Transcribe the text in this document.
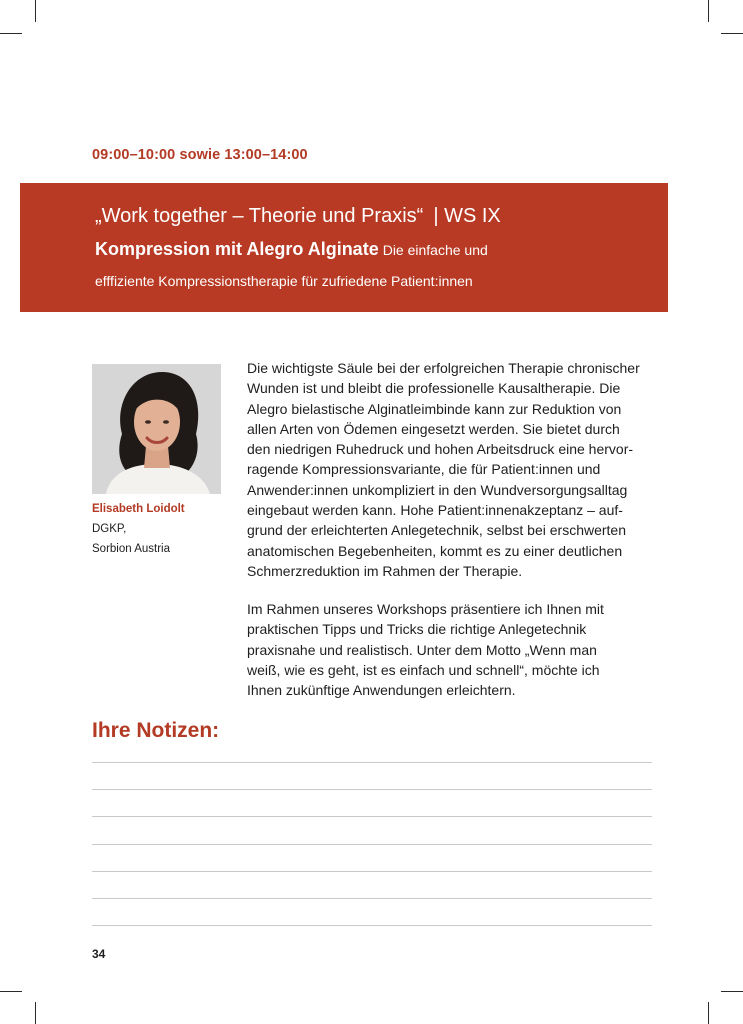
09:00–10:00 sowie 13:00–14:00
„Work together – Theorie und Praxis“ | WS IX
Kompression mit Alegro Alginate Die einfache und
efffiziente Kompressionstherapie für zufriedene Patient:innen
Elisabeth Loidolt
DGKP,
Sorbion Austria
Die wichtigste Säule bei der erfolgreichen Therapie chronischer
Wunden ist und bleibt die professionelle Kausaltherapie. Die
Alegro bielastische Alginatleimbinde kann zur Reduktion von
allen Arten von Ödemen eingesetzt werden. Sie bietet durch
den niedrigen Ruhedruck und hohen Arbeitsdruck eine hervor-
ragende Kompressionsvariante, die für Patient:innen und
Anwender:innen unkompliziert in den Wundversorgungsalltag
eingebaut werden kann. Hohe Patient:innenakzeptanz – auf-
grund der erleichterten Anlegetechnik, selbst bei erschwerten
anatomischen Begebenheiten, kommt es zu einer deutlichen
Schmerzreduktion im Rahmen der Therapie.
Im Rahmen unseres Workshops präsentiere ich Ihnen mit
praktischen Tipps und Tricks die richtige Anlegetechnik
praxisnahe und realistisch. Unter dem Motto „Wenn man
weiß, wie es geht, ist es einfach und schnell“, möchte ich
Ihnen zukünftige Anwendungen erleichtern.
Ihre Notizen:
34
